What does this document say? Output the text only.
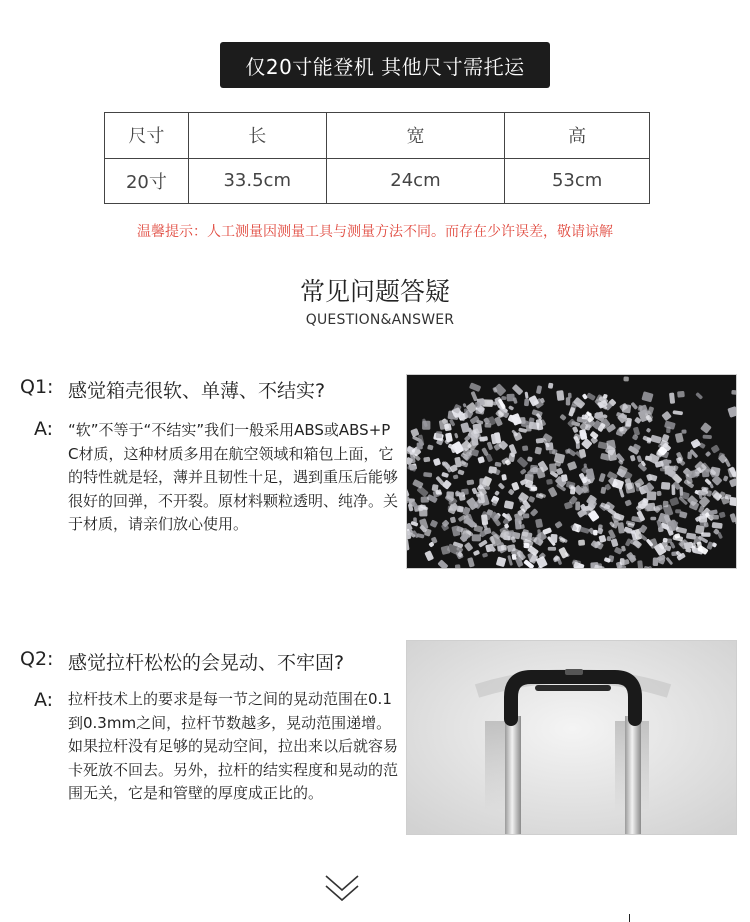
仅20寸能登机 其他尺寸需托运
尺寸	长	宽	高
20寸	33.5cm	24cm	53cm
温馨提示：人工测量因测量工具与测量方法不同。而存在少许误差，敬请谅解
常见问题答疑
QUESTION&ANSWER
Q1: 感觉箱壳很软、单薄、不结实?
A: “软”不等于“不结实”我们一般采用ABS或ABS+PC材质，这种材质多用在航空领域和箱包上面，它的特性就是轻，薄并且韧性十足，遇到重压后能够很好的回弹，不开裂。原材料颗粒透明、纯净。关于材质，请亲们放心使用。
Q2: 感觉拉杆松松的会晃动、不牢固?
A: 拉杆技术上的要求是每一节之间的晃动范围在0.1到0.3mm之间，拉杆节数越多，晃动范围递增。如果拉杆没有足够的晃动空间，拉出来以后就容易卡死放不回去。另外，拉杆的结实程度和晃动的范围无关，它是和管壁的厚度成正比的。
